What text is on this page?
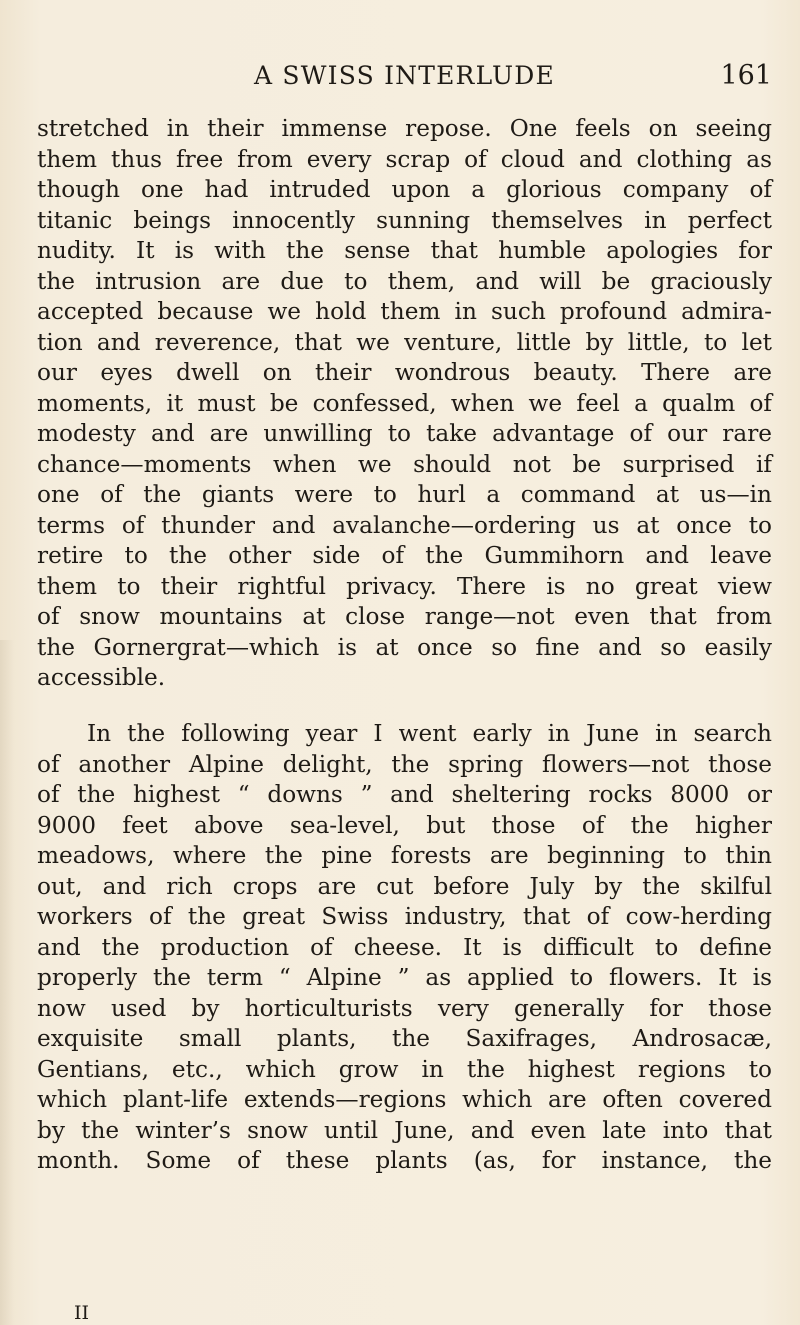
A SWISS INTERLUDE	161
stretched in their immense repose. One feels on seeing
them thus free from every scrap of cloud and clothing as
though one had intruded upon a glorious company of
titanic beings innocently sunning themselves in perfect
nudity. It is with the sense that humble apologies for
the intrusion are due to them, and will be graciously
accepted because we hold them in such profound admira-
tion and reverence, that we venture, little by little, to let
our eyes dwell on their wondrous beauty. There are
moments, it must be confessed, when we feel a qualm of
modesty and are unwilling to take advantage of our rare
chance—moments when we should not be surprised if
one of the giants were to hurl a command at us—in
terms of thunder and avalanche—ordering us at once to
retire to the other side of the Gummihorn and leave
them to their rightful privacy. There is no great view
of snow mountains at close range—not even that from
the Gornergrat—which is at once so fine and so easily
accessible.
In the following year I went early in June in search
of another Alpine delight, the spring flowers—not those
of the highest “ downs ” and sheltering rocks 8000 or
9000 feet above sea-level, but those of the higher
meadows, where the pine forests are beginning to thin
out, and rich crops are cut before July by the skilful
workers of the great Swiss industry, that of cow-herding
and the production of cheese. It is difficult to define
properly the term “ Alpine ” as applied to flowers. It is
now used by horticulturists very generally for those
exquisite small plants, the Saxifrages, Androsacæ,
Gentians, etc., which grow in the highest regions to
which plant-life extends—regions which are often covered
by the winter’s snow until June, and even late into that
month. Some of these plants (as, for instance, the
II
